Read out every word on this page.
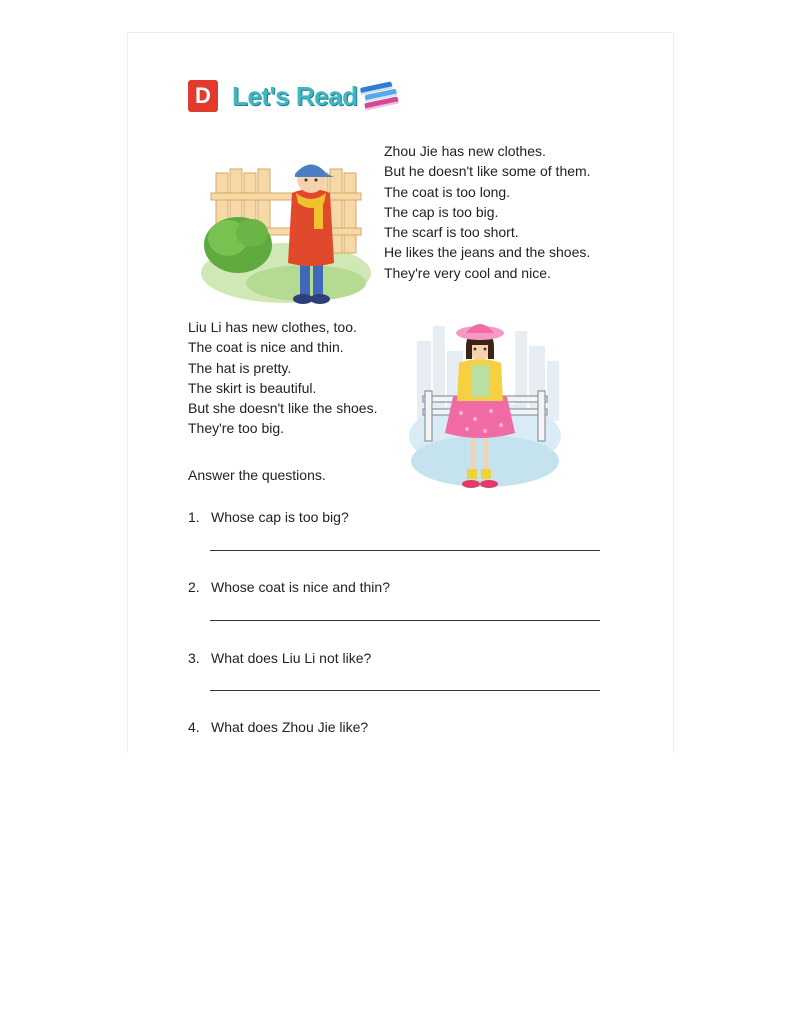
D Let's Read
Zhou Jie has new clothes.
But he doesn't like some of them.
The coat is too long.
The cap is too big.
The scarf is too short.
He likes the jeans and the shoes.
They're very cool and nice.
Liu Li has new clothes, too.
The coat is nice and thin.
The hat is pretty.
The skirt is beautiful.
But she doesn't like the shoes.
They're too big.
Answer the questions.
1. Whose cap is too big?
2. Whose coat is nice and thin?
3. What does Liu Li not like?
4. What does Zhou Jie like?
